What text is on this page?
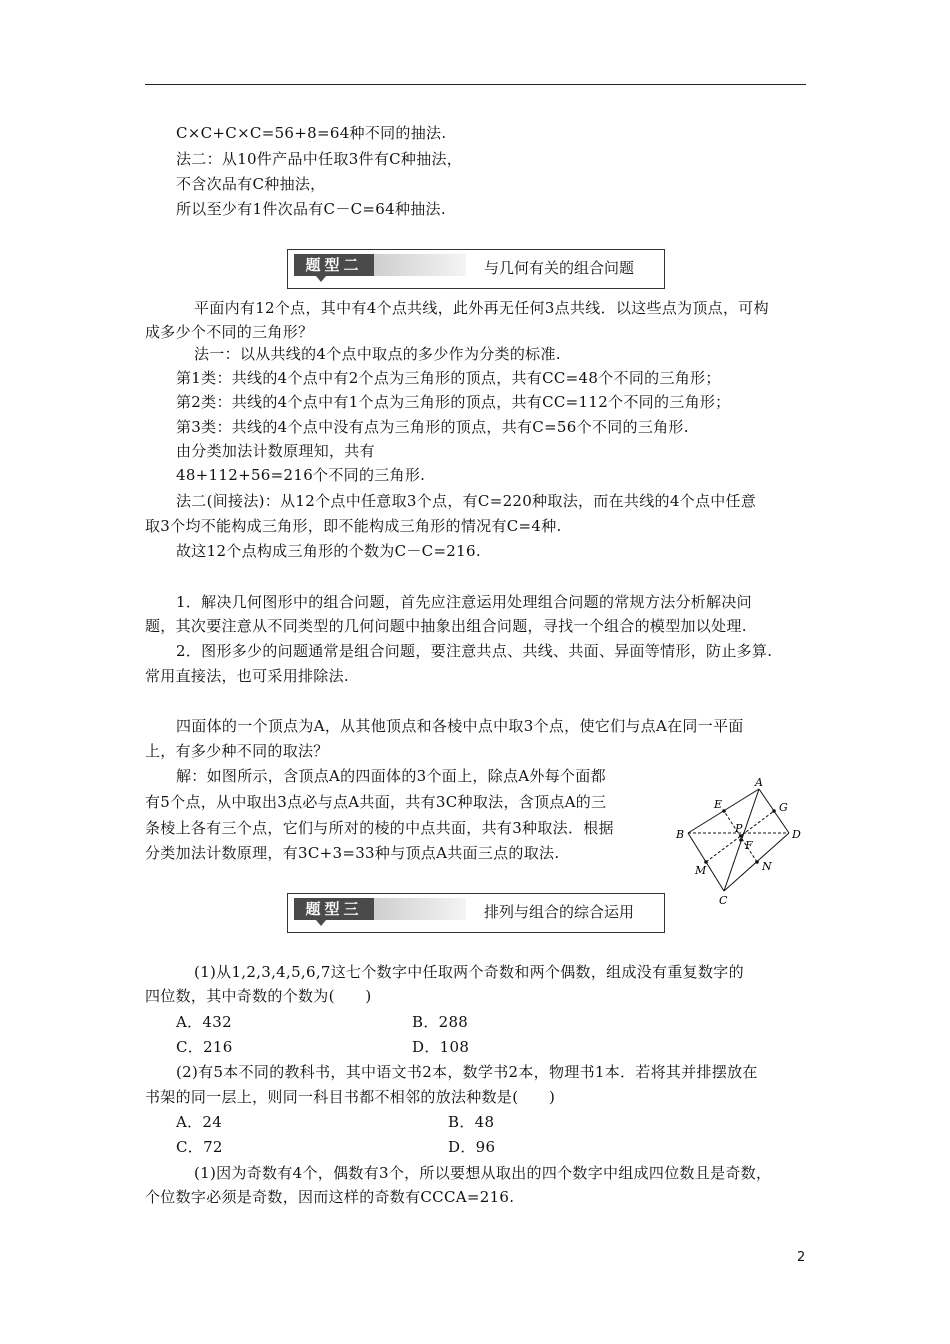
C×C+C×C=56+8=64种不同的抽法.
法二：从10件产品中任取3件有C种抽法，
不含次品有C种抽法，
所以至少有1件次品有C－C=64种抽法.
题型二	与几何有关的组合问题
平面内有12个点，其中有4个点共线，此外再无任何3点共线．以这些点为顶点，可构
成多少个不同的三角形？
法一：以从共线的4个点中取点的多少作为分类的标准.
第1类：共线的4个点中有2个点为三角形的顶点，共有CC=48个不同的三角形；
第2类：共线的4个点中有1个点为三角形的顶点，共有CC=112个不同的三角形；
第3类：共线的4个点中没有点为三角形的顶点，共有C=56个不同的三角形.
由分类加法计数原理知，共有
48+112+56=216个不同的三角形.
法二(间接法)：从12个点中任意取3个点，有C=220种取法，而在共线的4个点中任意
取3个均不能构成三角形，即不能构成三角形的情况有C=4种.
故这12个点构成三角形的个数为C－C=216.
1．解决几何图形中的组合问题，首先应注意运用处理组合问题的常规方法分析解决问
题，其次要注意从不同类型的几何问题中抽象出组合问题，寻找一个组合的模型加以处理.
2．图形多少的问题通常是组合问题，要注意共点、共线、共面、异面等情形，防止多算.
常用直接法，也可采用排除法.
四面体的一个顶点为A，从其他顶点和各棱中点中取3个点，使它们与点A在同一平面
上，有多少种不同的取法？
解：如图所示，含顶点A的四面体的3个面上，除点A外每个面都
有5个点，从中取出3点必与点A共面，共有3C种取法，含顶点A的三
条棱上各有三个点，它们与所对的棱的中点共面，共有3种取法．根据
分类加法计数原理，有3C+3=33种与顶点A共面三点的取法.
A
E	G
B	P	D
F
M	N
C
题型三	排列与组合的综合运用
(1)从1,2,3,4,5,6,7这七个数字中任取两个奇数和两个偶数，组成没有重复数字的
四位数，其中奇数的个数为(　　)
A．432	B．288
C．216	D．108
(2)有5本不同的教科书，其中语文书2本，数学书2本，物理书1本．若将其并排摆放在
书架的同一层上，则同一科目书都不相邻的放法种数是(　　)
A．24	B．48
C．72	D．96
(1)因为奇数有4个，偶数有3个，所以要想从取出的四个数字中组成四位数且是奇数，
个位数字必须是奇数，因而这样的奇数有CCCA=216.
2
